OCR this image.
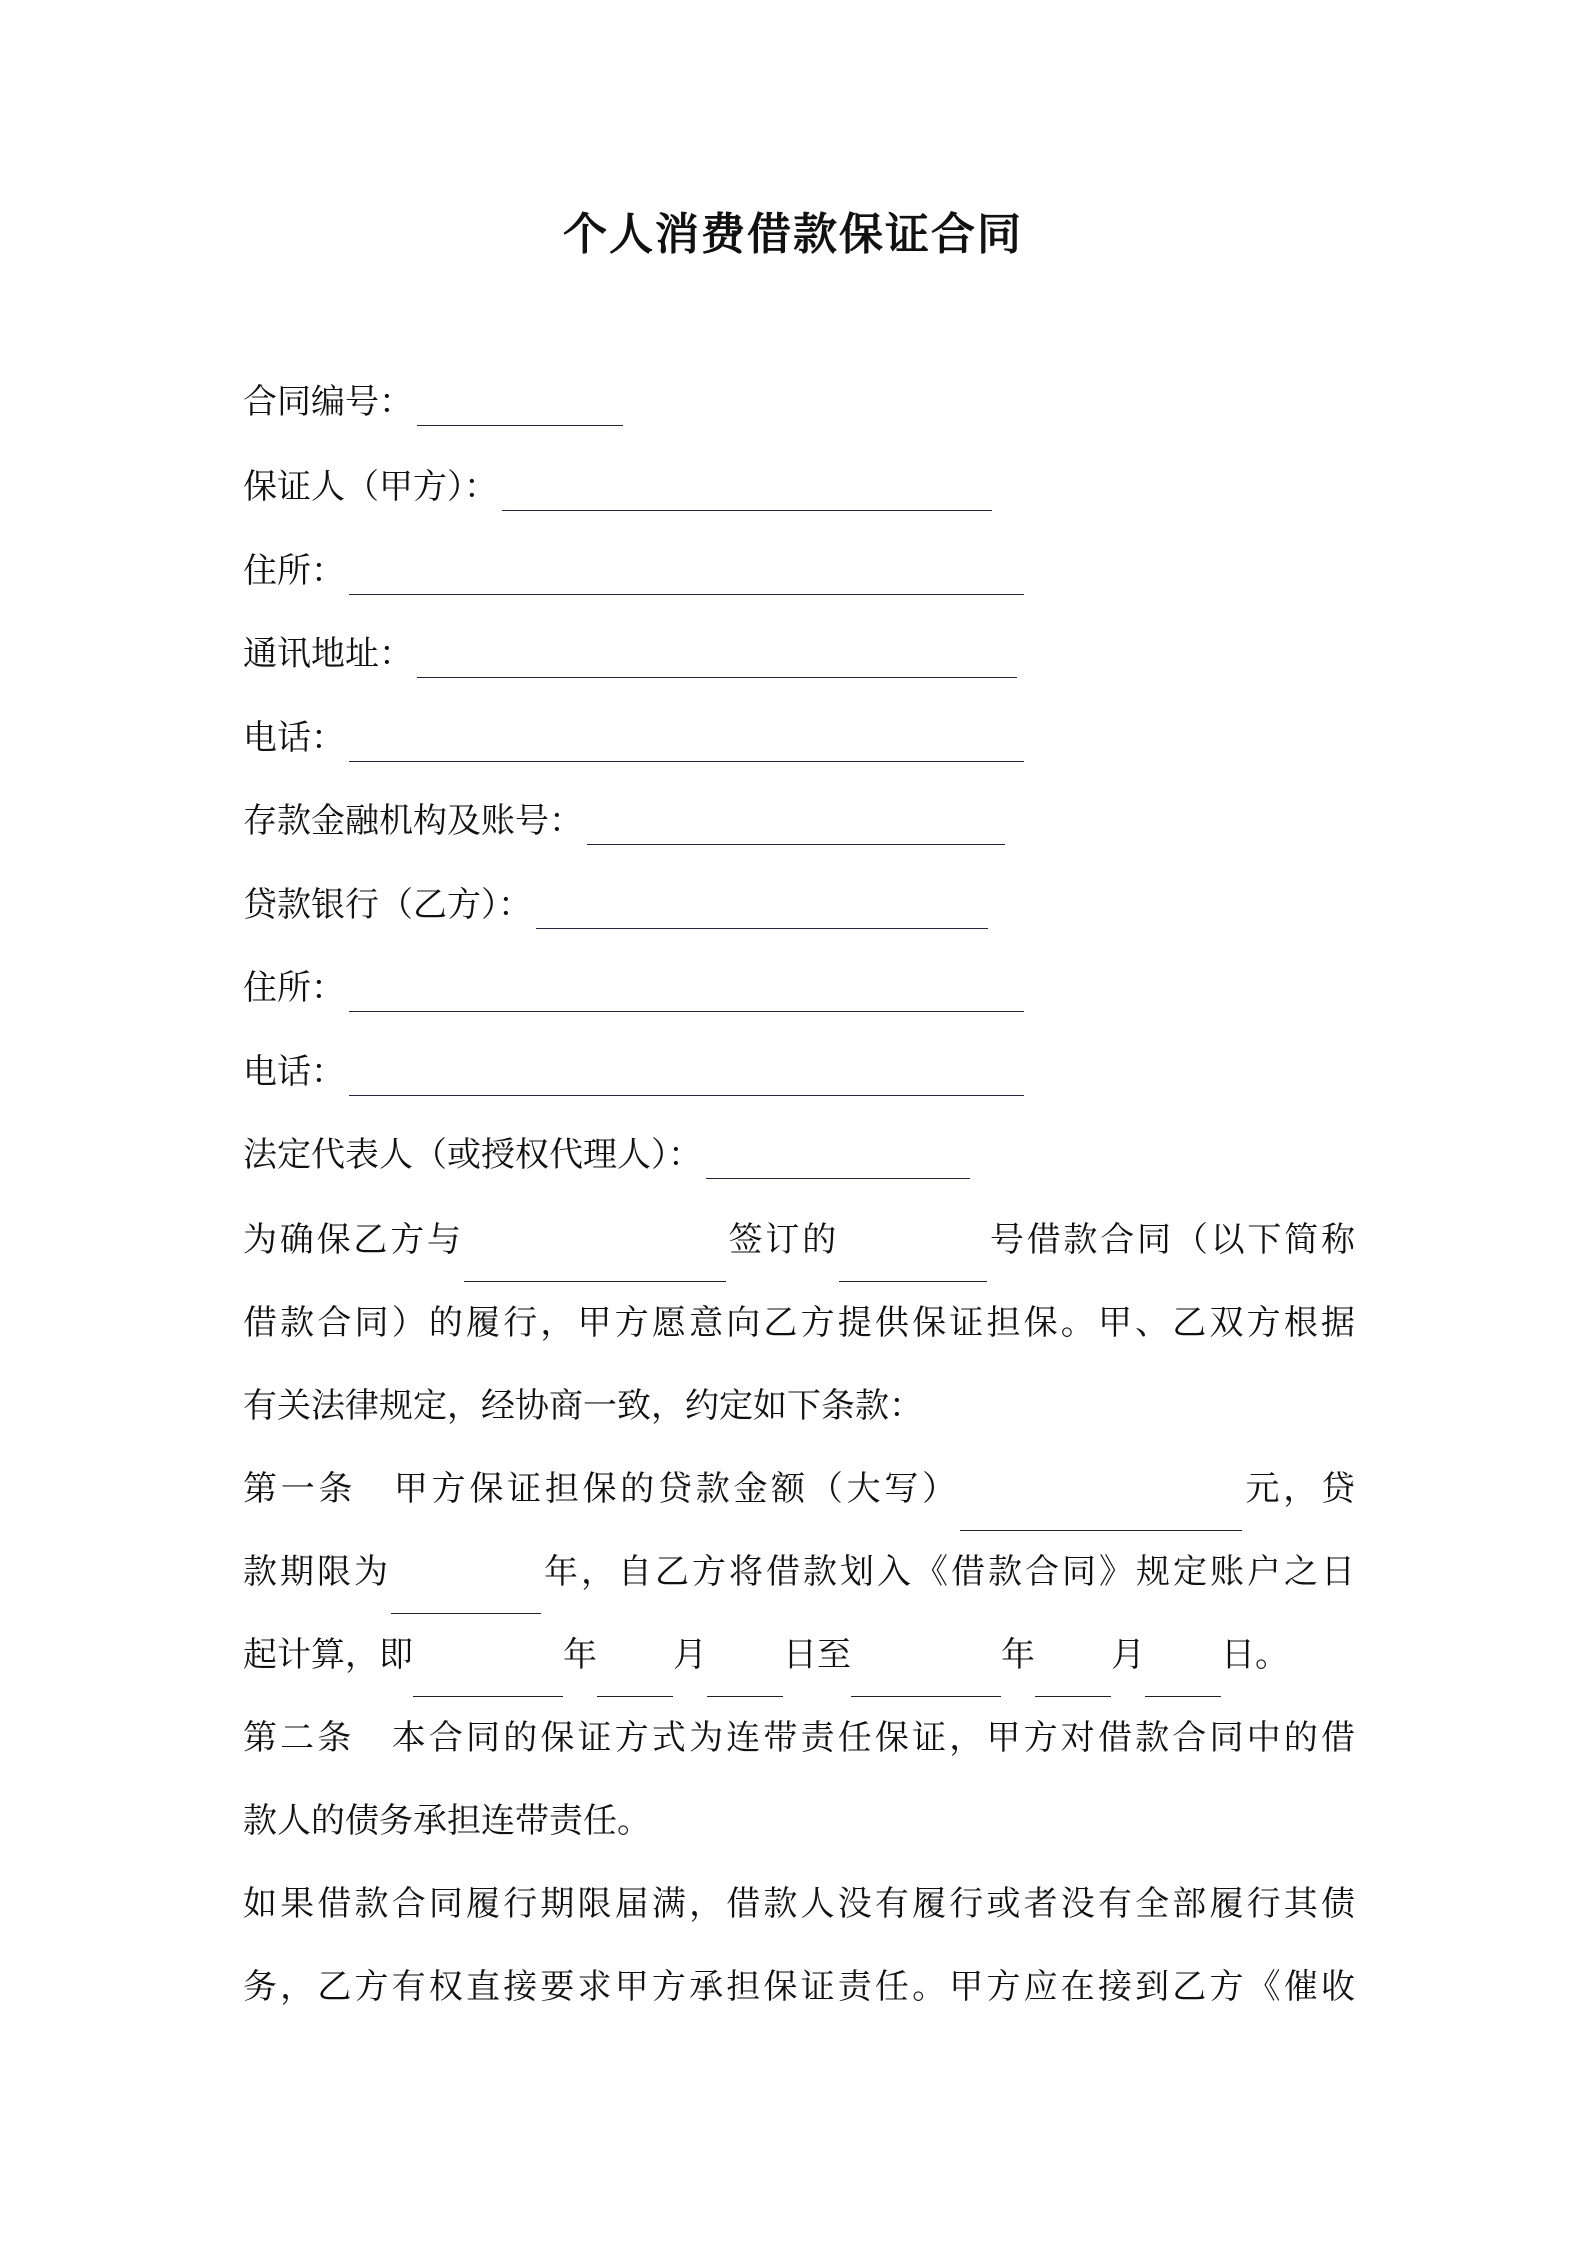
个人消费借款保证合同
合同编号：
保证人（甲方）：
住所：
通讯地址：
电话：
存款金融机构及账号：
贷款银行（乙方）：
住所：
电话：
法定代表人（或授权代理人）：
为确保乙方与	签订的	号借款合同（以下简称
借款合同）的履行，甲方愿意向乙方提供保证担保。甲、乙双方根据
有关法律规定，经协商一致，约定如下条款：
第一条　甲方保证担保的贷款金额（大写）	元，贷
款期限为	年，自乙方将借款划入《借款合同》规定账户之日
起计算，即	年 月 日至	年 月 日。
第二条　本合同的保证方式为连带责任保证，甲方对借款合同中的借
款人的债务承担连带责任。
如果借款合同履行期限届满，借款人没有履行或者没有全部履行其债
务，乙方有权直接要求甲方承担保证责任。甲方应在接到乙方《催收
